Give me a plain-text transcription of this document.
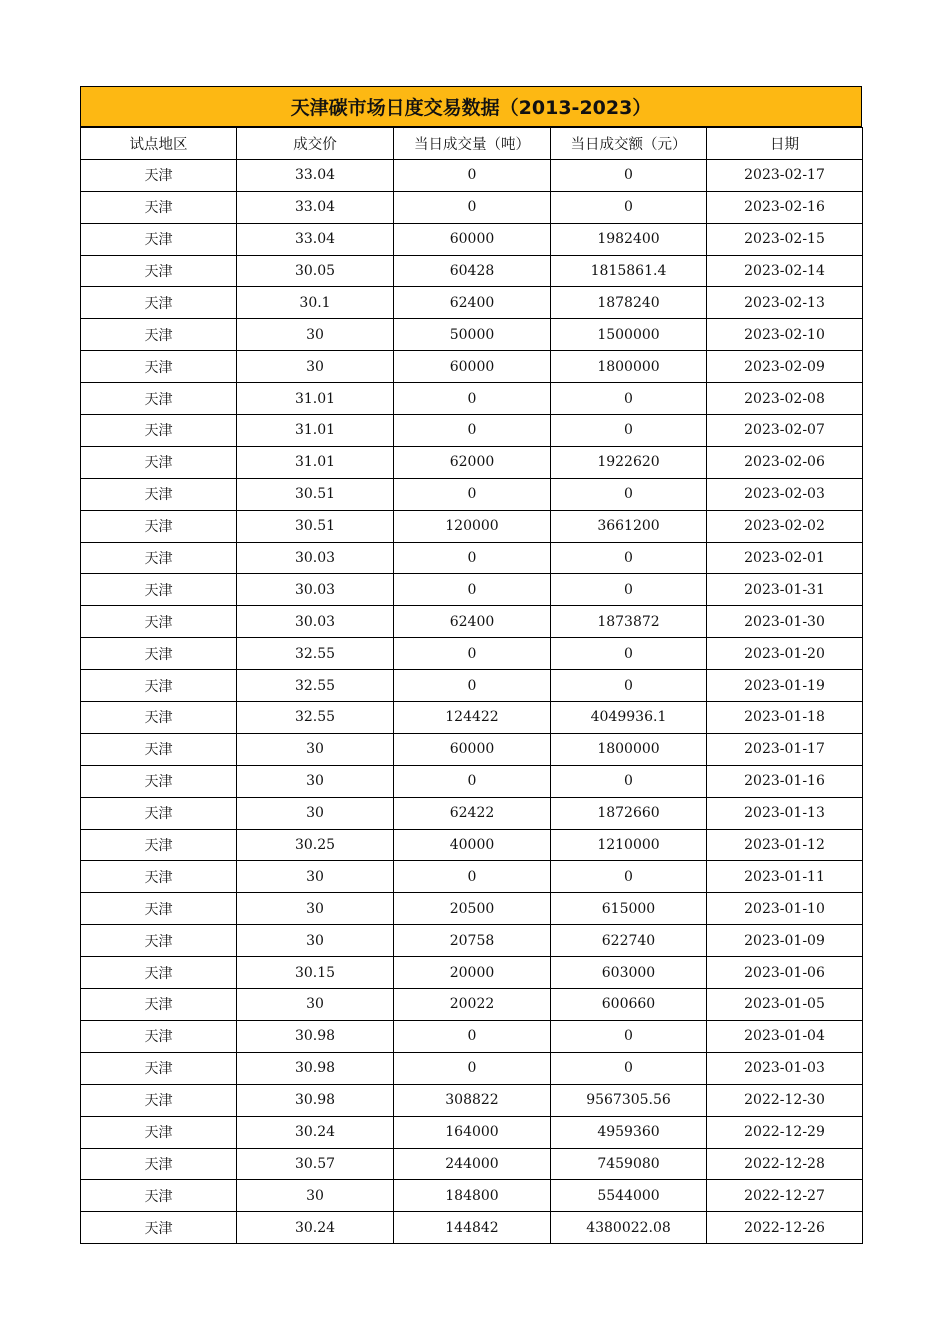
天津碳市场日度交易数据（2013-2023）
试点地区	成交价	当日成交量（吨）	当日成交额（元）	日期
天津	33.04	0	0	2023-02-17
天津	33.04	0	0	2023-02-16
天津	33.04	60000	1982400	2023-02-15
天津	30.05	60428	1815861.4	2023-02-14
天津	30.1	62400	1878240	2023-02-13
天津	30	50000	1500000	2023-02-10
天津	30	60000	1800000	2023-02-09
天津	31.01	0	0	2023-02-08
天津	31.01	0	0	2023-02-07
天津	31.01	62000	1922620	2023-02-06
天津	30.51	0	0	2023-02-03
天津	30.51	120000	3661200	2023-02-02
天津	30.03	0	0	2023-02-01
天津	30.03	0	0	2023-01-31
天津	30.03	62400	1873872	2023-01-30
天津	32.55	0	0	2023-01-20
天津	32.55	0	0	2023-01-19
天津	32.55	124422	4049936.1	2023-01-18
天津	30	60000	1800000	2023-01-17
天津	30	0	0	2023-01-16
天津	30	62422	1872660	2023-01-13
天津	30.25	40000	1210000	2023-01-12
天津	30	0	0	2023-01-11
天津	30	20500	615000	2023-01-10
天津	30	20758	622740	2023-01-09
天津	30.15	20000	603000	2023-01-06
天津	30	20022	600660	2023-01-05
天津	30.98	0	0	2023-01-04
天津	30.98	0	0	2023-01-03
天津	30.98	308822	9567305.56	2022-12-30
天津	30.24	164000	4959360	2022-12-29
天津	30.57	244000	7459080	2022-12-28
天津	30	184800	5544000	2022-12-27
天津	30.24	144842	4380022.08	2022-12-26
